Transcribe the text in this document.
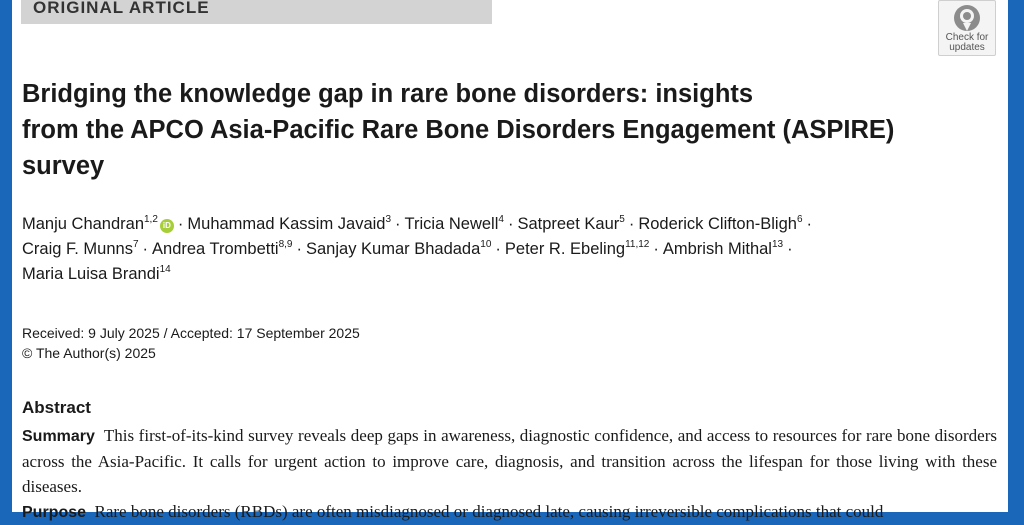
ORIGINAL ARTICLE
Check for
updates
Bridging the knowledge gap in rare bone disorders: insights
from the APCO Asia-Pacific Rare Bone Disorders Engagement (ASPIRE)
survey

Manju Chandran$^{1,2}$iD · Muhammad Kassim Javaid$^3$ · Tricia Newell$^4$ · Satpreet Kaur$^5$ · Roderick Clifton-Bligh$^6$ ·
Craig F. Munns$^7$ · Andrea Trombetti$^{8,9}$ · Sanjay Kumar Bhadada$^{10}$ · Peter R. Ebeling$^{11,12}$ · Ambrish Mithal$^{13}$ ·
Maria Luisa Brandi$^{14}$

Received: 9 July 2025 / Accepted: 17 September 2025
© The Author(s) 2025
Abstract

Summary This first-of-its-kind survey reveals deep gaps in awareness, diagnostic confidence, and access to resources for rare bone disorders across the Asia-Pacific. It calls for urgent action to improve care, diagnosis, and transition across the lifespan for those living with these diseases.
Purpose Rare bone disorders (RBDs) are often misdiagnosed or diagnosed late, causing irreversible complications that could
